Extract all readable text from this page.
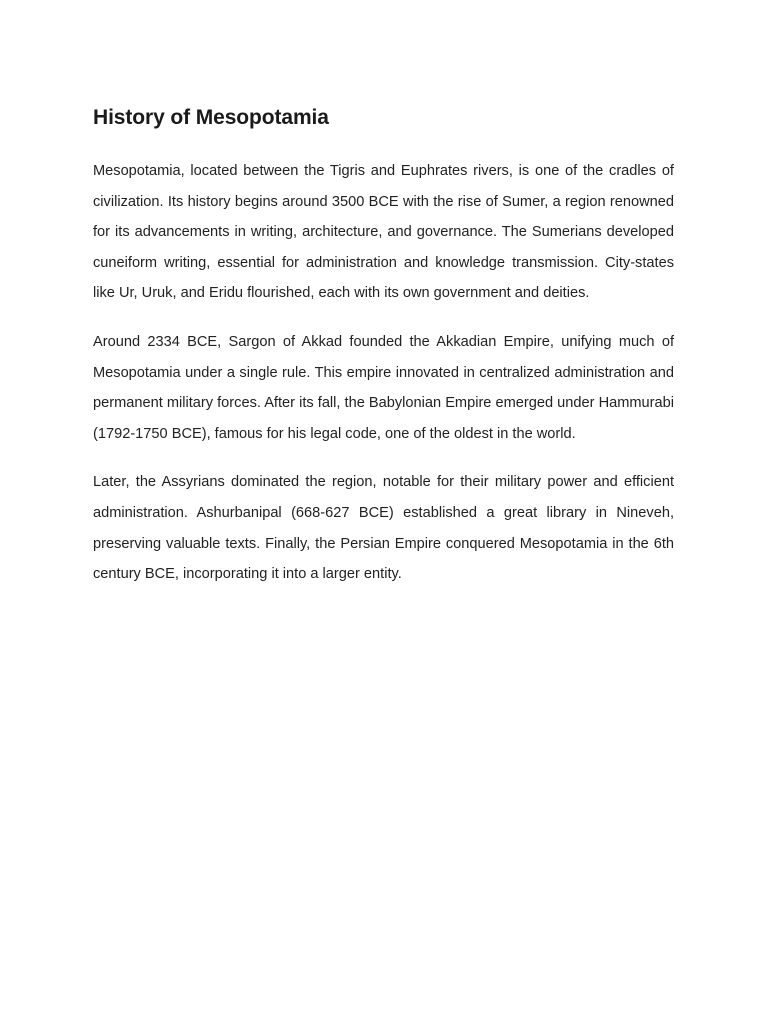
History of Mesopotamia

Mesopotamia, located between the Tigris and Euphrates rivers, is one of the cradles of civilization. Its history begins around 3500 BCE with the rise of Sumer, a region renowned for its advancements in writing, architecture, and governance. The Sumerians developed cuneiform writing, essential for administration and knowledge transmission. City-states like Ur, Uruk, and Eridu flourished, each with its own government and deities.

Around 2334 BCE, Sargon of Akkad founded the Akkadian Empire, unifying much of Mesopotamia under a single rule. This empire innovated in centralized administration and permanent military forces. After its fall, the Babylonian Empire emerged under Hammurabi (1792-1750 BCE), famous for his legal code, one of the oldest in the world.

Later, the Assyrians dominated the region, notable for their military power and efficient administration. Ashurbanipal (668-627 BCE) established a great library in Nineveh, preserving valuable texts. Finally, the Persian Empire conquered Mesopotamia in the 6th century BCE, incorporating it into a larger entity.
